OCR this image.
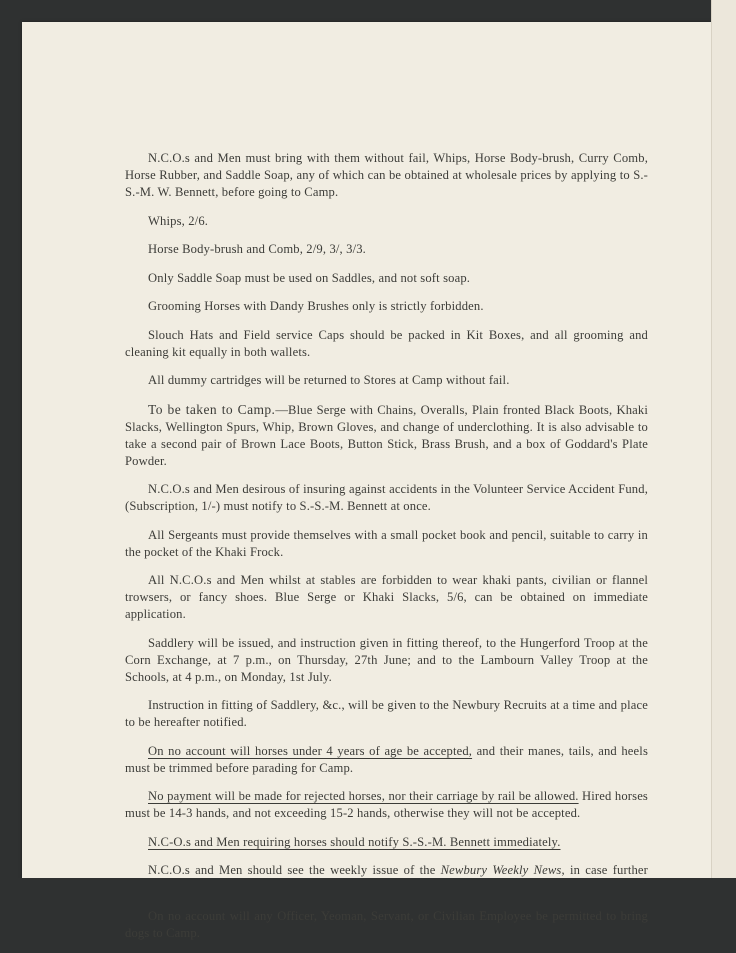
N.C.O.s and Men must bring with them without fail, Whips, Horse Body-brush, Curry Comb, Horse Rubber, and Saddle Soap, any of which can be obtained at wholesale prices by applying to S.-S.-M. W. Bennett, before going to Camp.

Whips, 2/6.

Horse Body-brush and Comb, 2/9, 3/, 3/3.

Only Saddle Soap must be used on Saddles, and not soft soap.

Grooming Horses with Dandy Brushes only is strictly forbidden.

Slouch Hats and Field service Caps should be packed in Kit Boxes, and all grooming and cleaning kit equally in both wallets.

All dummy cartridges will be returned to Stores at Camp without fail.

To be taken to Camp.—Blue Serge with Chains, Overalls, Plain fronted Black Boots, Khaki Slacks, Wellington Spurs, Whip, Brown Gloves, and change of underclothing. It is also advisable to take a second pair of Brown Lace Boots, Button Stick, Brass Brush, and a box of Goddard's Plate Powder.

N.C.O.s and Men desirous of insuring against accidents in the Volunteer Service Accident Fund, (Subscription, 1/-) must notify to S.-S.-M. Bennett at once.

All Sergeants must provide themselves with a small pocket book and pencil, suitable to carry in the pocket of the Khaki Frock.

All N.C.O.s and Men whilst at stables are forbidden to wear khaki pants, civilian or flannel trowsers, or fancy shoes. Blue Serge or Khaki Slacks, 5/6, can be obtained on immediate application.

Saddlery will be issued, and instruction given in fitting thereof, to the Hungerford Troop at the Corn Exchange, at 7 p.m., on Thursday, 27th June; and to the Lambourn Valley Troop at the Schools, at 4 p.m., on Monday, 1st July.

Instruction in fitting of Saddlery, &c., will be given to the Newbury Recruits at a time and place to be hereafter notified.

On no account will horses under 4 years of age be accepted, and their manes, tails, and heels must be trimmed before parading for Camp.

No payment will be made for rejected horses, nor their carriage by rail be allowed. Hired horses must be 14-3 hands, and not exceeding 15-2 hands, otherwise they will not be accepted.

N.C-O.s and Men requiring horses should notify S.-S.-M. Bennett immediately.

N.C.O.s and Men should see the weekly issue of the Newbury Weekly News, in case further

On no account will any Officer, Yeoman, Servant, or Civilian Employee be permitted to bring dogs to Camp.
